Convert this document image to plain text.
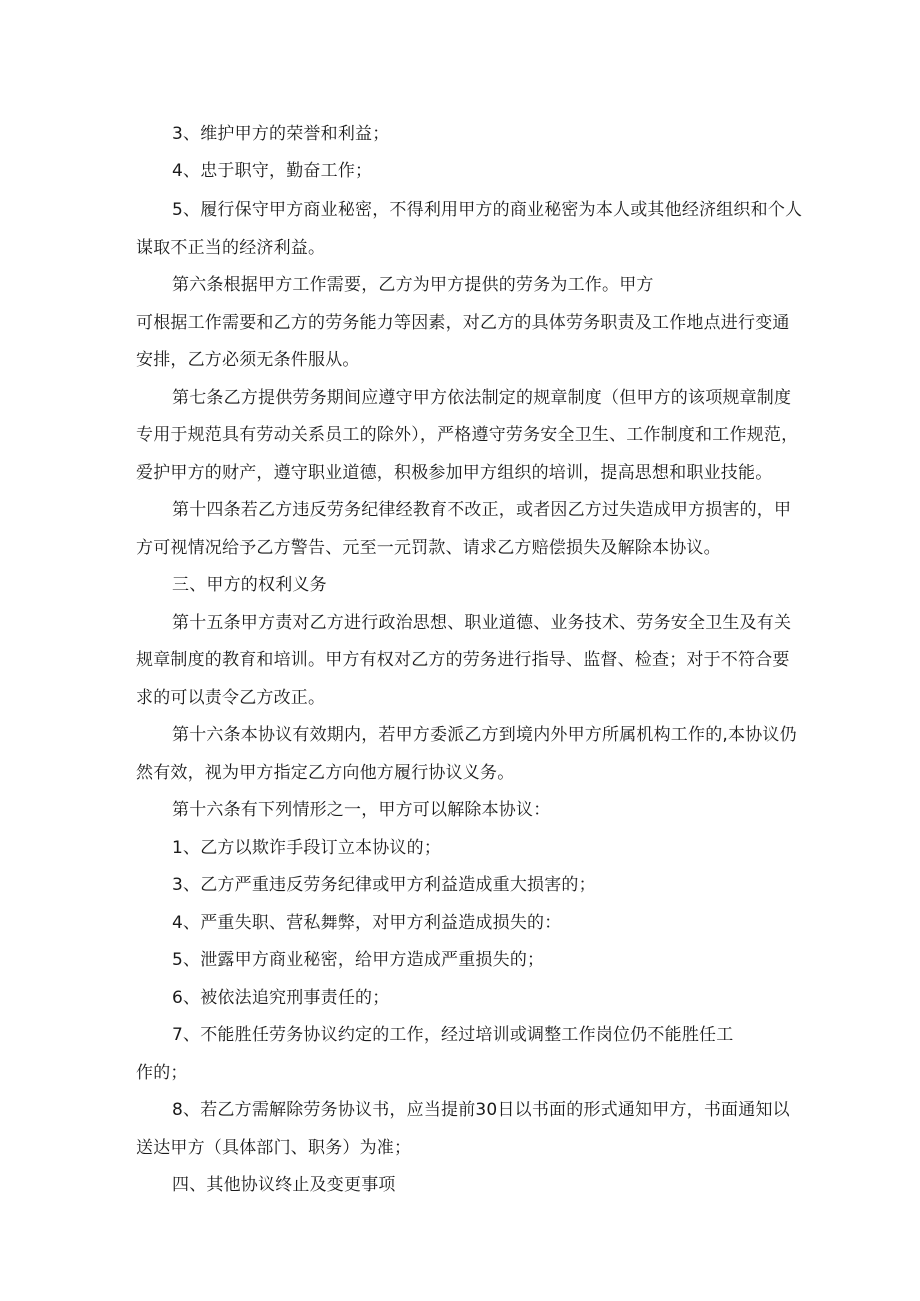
3、维护甲方的荣誉和利益；
4、忠于职守，勤奋工作；
5、履行保守甲方商业秘密，不得利用甲方的商业秘密为本人或其他经济组织和个人
谋取不正当的经济利益。
第六条根据甲方工作需要，乙方为甲方提供的劳务为工作。甲方
可根据工作需要和乙方的劳务能力等因素，对乙方的具体劳务职责及工作地点进行变通
安排，乙方必须无条件服从。
第七条乙方提供劳务期间应遵守甲方依法制定的规章制度（但甲方的该项规章制度
专用于规范具有劳动关系员工的除外），严格遵守劳务安全卫生、工作制度和工作规范，
爱护甲方的财产，遵守职业道德，积极参加甲方组织的培训，提高思想和职业技能。
第十四条若乙方违反劳务纪律经教育不改正，或者因乙方过失造成甲方损害的，甲
方可视情况给予乙方警告、元至一元罚款、请求乙方赔偿损失及解除本协议。
三、甲方的权利义务
第十五条甲方责对乙方进行政治思想、职业道德、业务技术、劳务安全卫生及有关
规章制度的教育和培训。甲方有权对乙方的劳务进行指导、监督、检查；对于不符合要
求的可以责令乙方改正。
第十六条本协议有效期内，若甲方委派乙方到境内外甲方所属机构工作的,本协议仍
然有效，视为甲方指定乙方向他方履行协议义务。
第十六条有下列情形之一，甲方可以解除本协议：
1、乙方以欺诈手段订立本协议的；
3、乙方严重违反劳务纪律或甲方利益造成重大损害的；
4、严重失职、营私舞弊，对甲方利益造成损失的：
5、泄露甲方商业秘密，给甲方造成严重损失的；
6、被依法追究刑事责任的；
7、不能胜任劳务协议约定的工作，经过培训或调整工作岗位仍不能胜任工
作的；
8、若乙方需解除劳务协议书，应当提前30日以书面的形式通知甲方，书面通知以
送达甲方（具体部门、职务）为准；
四、其他协议终止及变更事项
